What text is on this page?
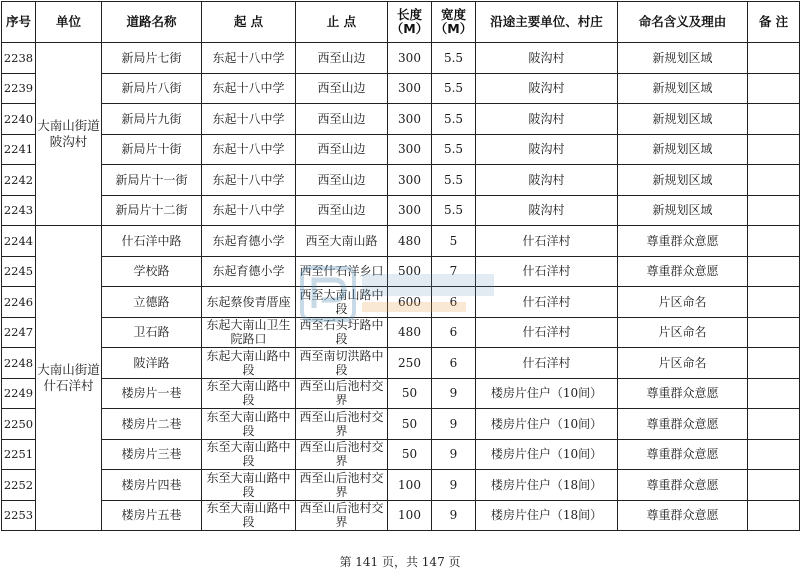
序号	单位	道路名称	起 点	止 点	长度（M）	宽度（M）	沿途主要单位、村庄	命名含义及理由	备 注
2238	大南山街道陂沟村	新局片七街	东起十八中学	西至山边	300	5.5	陂沟村	新规划区域	
2239		新局片八街	东起十八中学	西至山边	300	5.5	陂沟村	新规划区域	
2240		新局片九街	东起十八中学	西至山边	300	5.5	陂沟村	新规划区域	
2241		新局片十街	东起十八中学	西至山边	300	5.5	陂沟村	新规划区域	
2242		新局片十一街	东起十八中学	西至山边	300	5.5	陂沟村	新规划区域	
2243		新局片十二街	东起十八中学	西至山边	300	5.5	陂沟村	新规划区域	
2244	大南山街道什石洋村	什石洋中路	东起育德小学	西至大南山路	480	5	什石洋村	尊重群众意愿	
2245		学校路	东起育德小学	西至什石洋乡口	500	7	什石洋村	尊重群众意愿	
2246		立德路	东起蔡俊青厝座	西至大南山路中段	600	6	什石洋村	片区命名	
2247		卫石路	东起大南山卫生院路口	西至石头圩路中段	480	6	什石洋村	片区命名	
2248		陂洋路	东起大南山路中段	西至南切洪路中段	250	6	什石洋村	片区命名	
2249		楼房片一巷	东至大南山路中段	西至山后池村交界	50	9	楼房片住户（10间）	尊重群众意愿	
2250		楼房片二巷	东至大南山路中段	西至山后池村交界	50	9	楼房片住户（10间）	尊重群众意愿	
2251		楼房片三巷	东至大南山路中段	西至山后池村交界	50	9	楼房片住户（10间）	尊重群众意愿	
2252		楼房片四巷	东至大南山路中段	西至山后池村交界	100	9	楼房片住户（18间）	尊重群众意愿	
2253		楼房片五巷	东至大南山路中段	西至山后池村交界	100	9	楼房片住户（18间）	尊重群众意愿	
第 141 页，共 147 页
